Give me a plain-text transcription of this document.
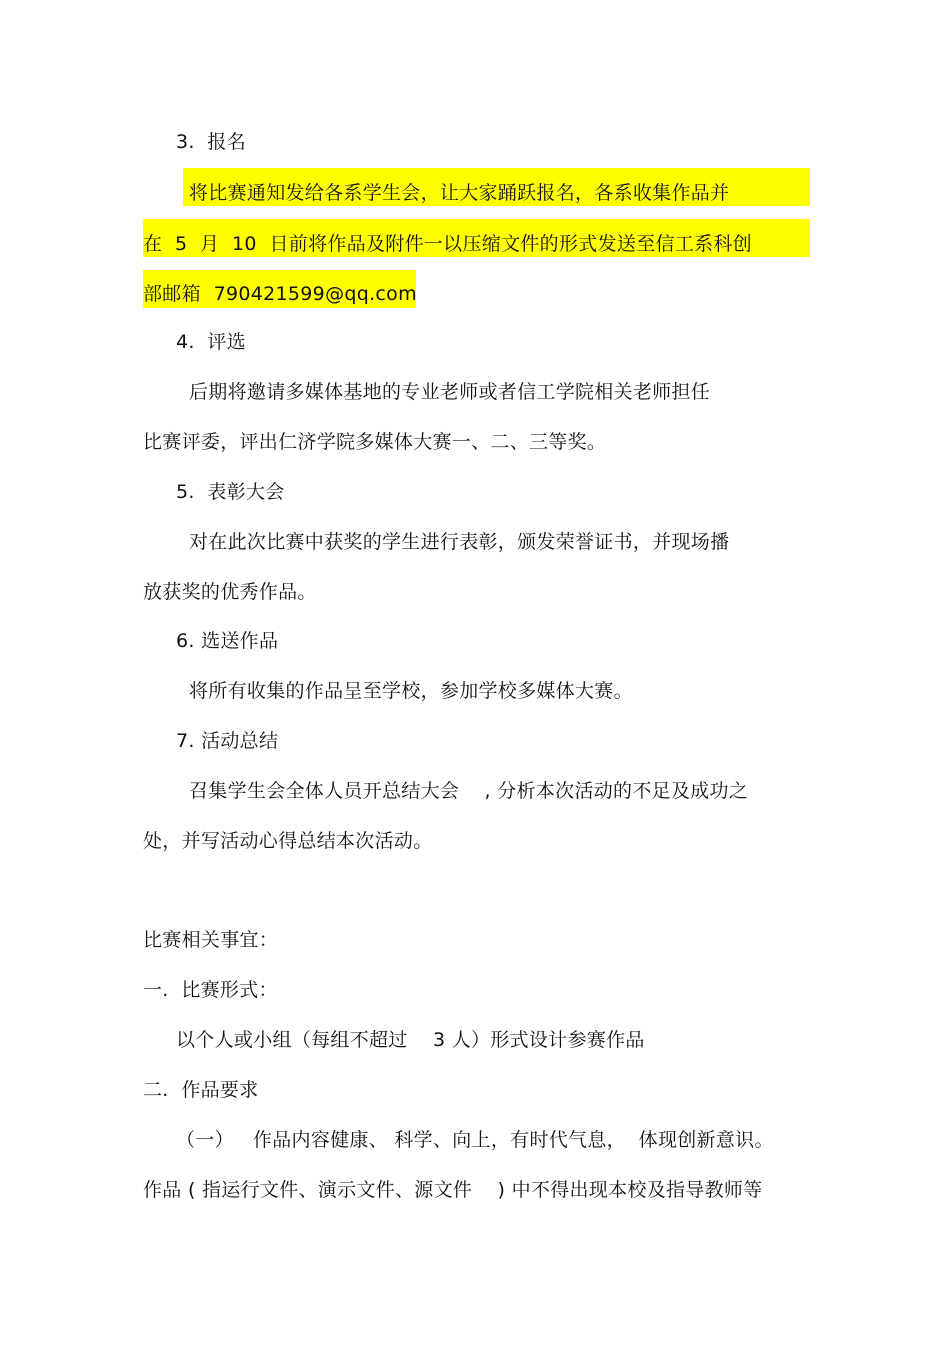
3.  报名
将比赛通知发给各系学生会，让大家踊跃报名，各系收集作品并
在  5  月  10  日前将作品及附件一以压缩文件的形式发送至信工系科创
部邮箱  790421599@qq.com
4.  评选
后期将邀请多媒体基地的专业老师或者信工学院相关老师担任
比赛评委，评出仁济学院多媒体大赛一、二、三等奖。
5.  表彰大会
对在此次比赛中获奖的学生进行表彰，颁发荣誉证书，并现场播
放获奖的优秀作品。
6. 选送作品
将所有收集的作品呈至学校，参加学校多媒体大赛。
7. 活动总结
召集学生会全体人员开总结大会    , 分析本次活动的不足及成功之
处，并写活动心得总结本次活动。
比赛相关事宜：
一.  比赛形式：
以个人或小组（每组不超过    3 人）形式设计参赛作品
二.  作品要求
（一）   作品内容健康、 科学、向上，有时代气息，  体现创新意识。
作品 ( 指运行文件、演示文件、源文件    ) 中不得出现本校及指导教师等
